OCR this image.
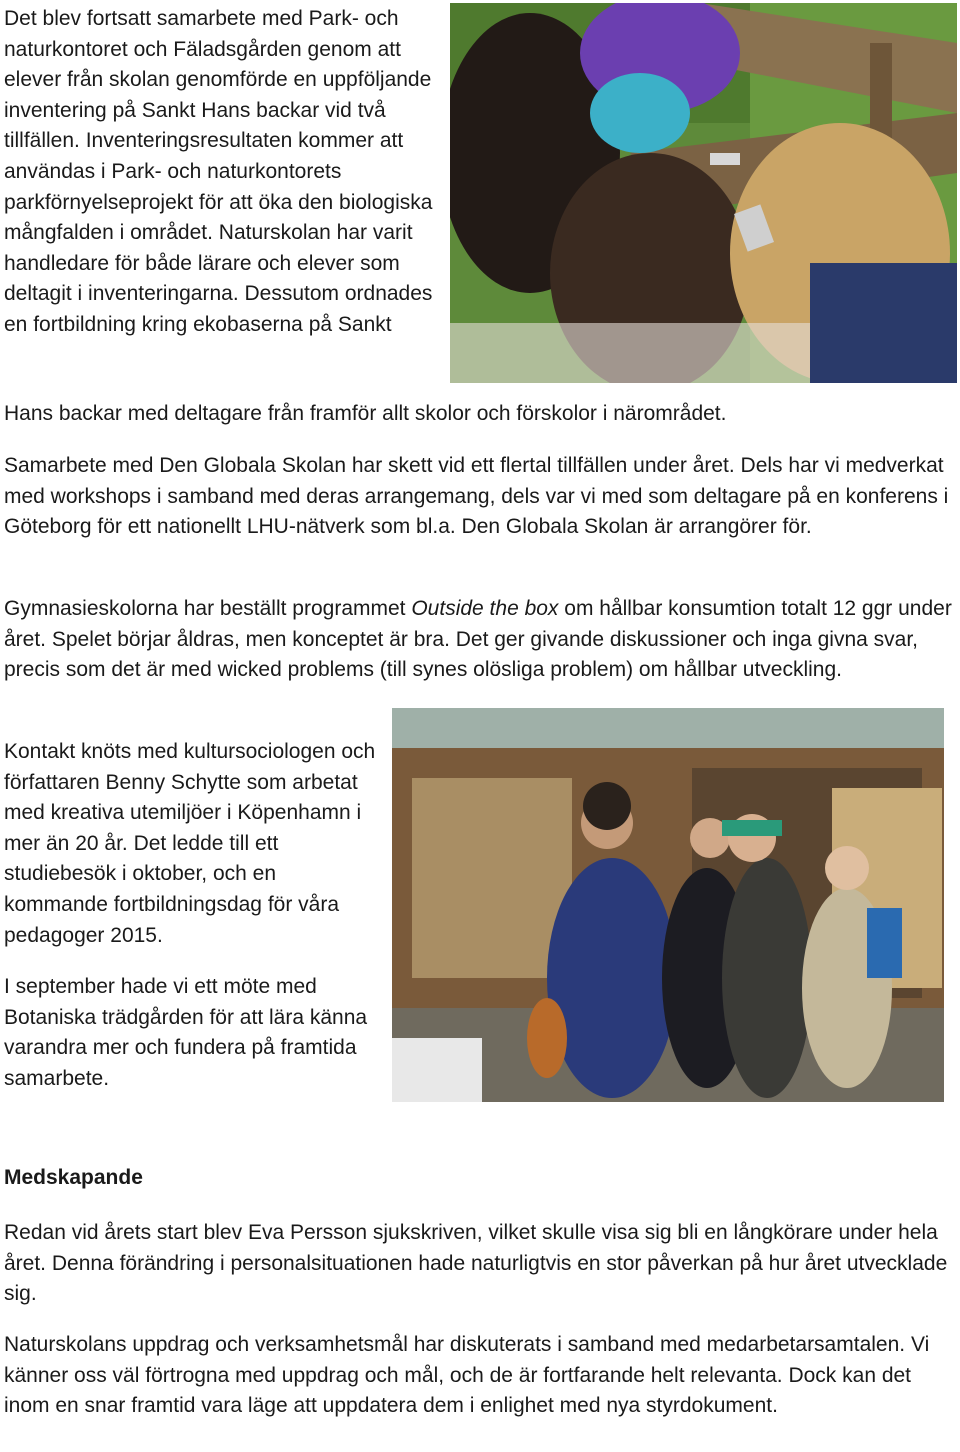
Det blev fortsatt samarbete med Park- och naturkontoret och Fäladsgården genom att elever från skolan genomförde en uppföljande inventering på Sankt Hans backar vid två tillfällen. Inventeringsresultaten kommer att användas i Park- och naturkontorets parkförnyelseprojekt för att öka den biologiska mångfalden i området. Naturskolan har varit handledare för både lärare och elever som deltagit i inventeringarna. Dessutom ordnades en fortbildning kring ekobaserna på Sankt

Hans backar med deltagare från framför allt skolor och förskolor i närområdet.

Samarbete med Den Globala Skolan har skett vid ett flertal tillfällen under året. Dels har vi medverkat med workshops i samband med deras arrangemang, dels var vi med som deltagare på en konferens i Göteborg för ett nationellt LHU-nätverk som bl.a. Den Globala Skolan är arrangörer för.

Gymnasieskolorna har beställt programmet Outside the box om hållbar konsumtion totalt 12 ggr under året. Spelet börjar åldras, men konceptet är bra. Det ger givande diskussioner och inga givna svar, precis som det är med wicked problems (till synes olösliga problem) om hållbar utveckling.

Kontakt knöts med kultursociologen och författaren Benny Schytte som arbetat med kreativa utemiljöer i Köpenhamn i mer än 20 år. Det ledde till ett studiebesök i oktober, och en kommande fortbildningsdag för våra pedagoger 2015.

I september hade vi ett möte med Botaniska trädgården för att lära känna varandra mer och fundera på framtida samarbete.

Medskapande

Redan vid årets start blev Eva Persson sjukskriven, vilket skulle visa sig bli en långkörare under hela året. Denna förändring i personalsituationen hade naturligtvis en stor påverkan på hur året utvecklade sig.

Naturskolans uppdrag och verksamhetsmål har diskuterats i samband med medarbetarsamtalen. Vi känner oss väl förtrogna med uppdrag och mål, och de är fortfarande helt relevanta. Dock kan det inom en snar framtid vara läge att uppdatera dem i enlighet med nya styrdokument.
